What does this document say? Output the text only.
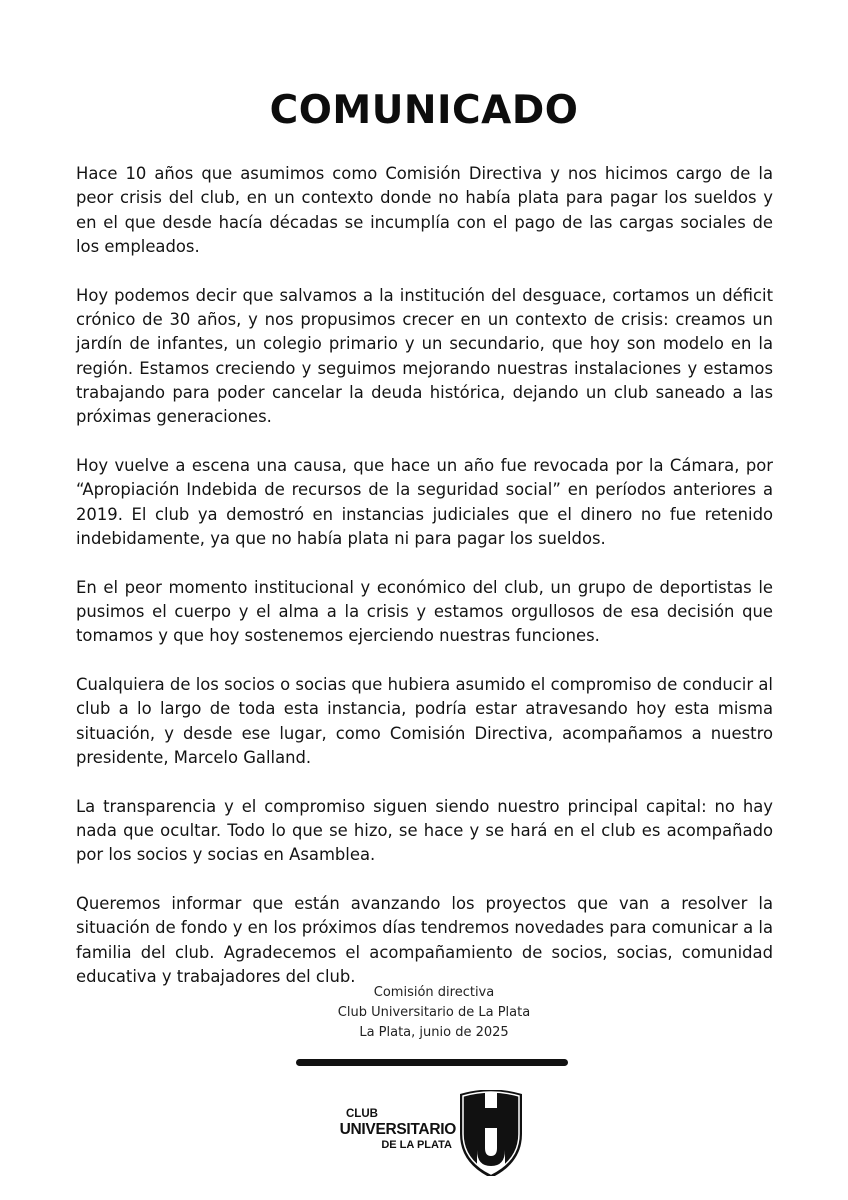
COMUNICADO

Hace 10 años que asumimos como Comisión Directiva y nos hicimos cargo de la peor crisis del club, en un contexto donde no había plata para pagar los sueldos y en el que desde hacía décadas se incumplía con el pago de las cargas sociales de los empleados.

Hoy podemos decir que salvamos a la institución del desguace, cortamos un déficit crónico de 30 años, y nos propusimos crecer en un contexto de crisis: creamos un jardín de infantes, un colegio primario y un secundario, que hoy son modelo en la región. Estamos creciendo y seguimos mejorando nuestras instalaciones y estamos trabajando para poder cancelar la deuda histórica, dejando un club saneado a las próximas generaciones.

Hoy vuelve a escena una causa, que hace un año fue revocada por la Cámara, por “Apropiación Indebida de recursos de la seguridad social” en períodos anteriores a 2019. El club ya demostró en instancias judiciales que el dinero no fue retenido indebidamente, ya que no había plata ni para pagar los sueldos.

En el peor momento institucional y económico del club, un grupo de deportistas le pusimos el cuerpo y el alma a la crisis y estamos orgullosos de esa decisión que tomamos y que hoy sostenemos ejerciendo nuestras funciones.

Cualquiera de los socios o socias que hubiera asumido el compromiso de conducir al club a lo largo de toda esta instancia, podría estar atravesando hoy esta misma situación, y desde ese lugar, como Comisión Directiva, acompañamos a nuestro presidente, Marcelo Galland.

La transparencia y el compromiso siguen siendo nuestro principal capital: no hay nada que ocultar. Todo lo que se hizo, se hace y se hará en el club es acompañado por los socios y socias en Asamblea.

Queremos informar que están avanzando los proyectos que van a resolver la situación de fondo y en los próximos días tendremos novedades para comunicar a la familia del club. Agradecemos el acompañamiento de socios, socias, comunidad educativa y trabajadores del club.

Comisión directiva
Club Universitario de La Plata
La Plata, junio de 2025
CLUB
UNIVERSITARIO
DE LA PLATA
